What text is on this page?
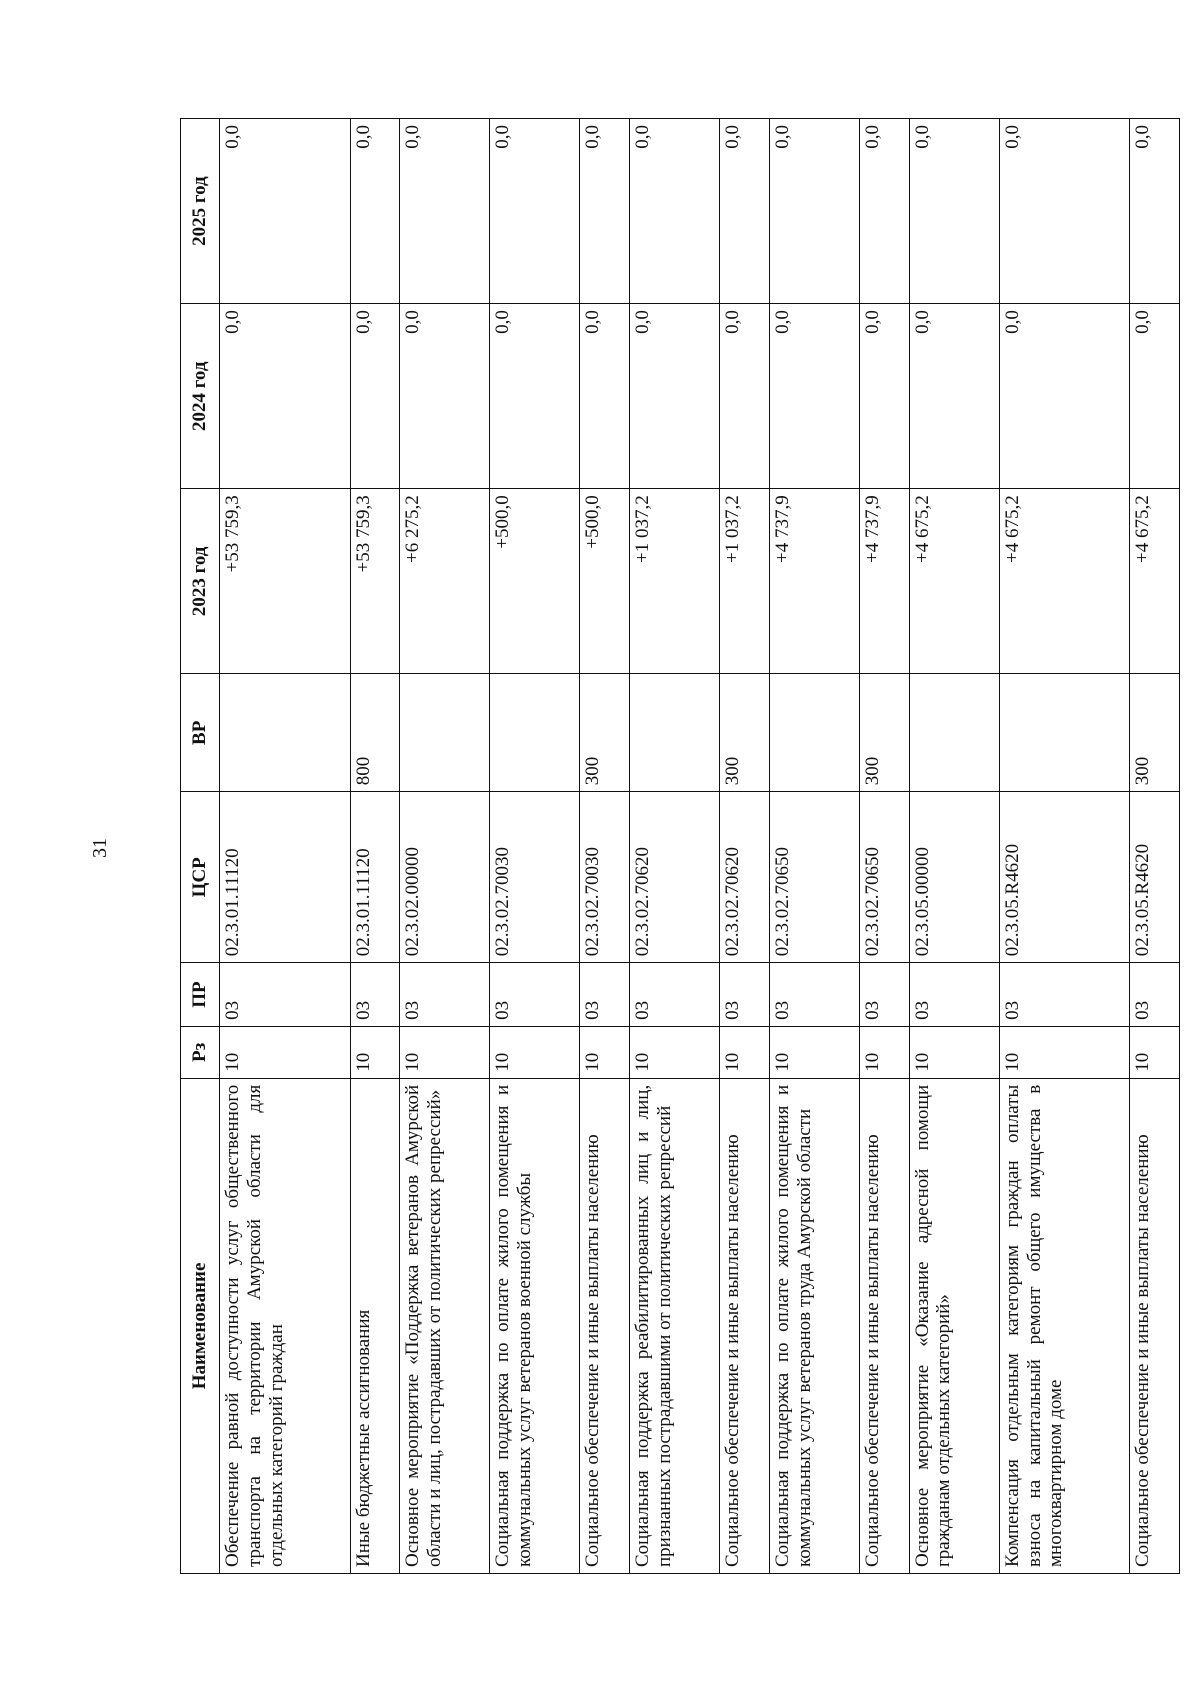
31
Наименование	Рз	ПР	ЦСР	ВР	2023 год	2024 год	2025 год
Обеспечение равной доступности услуг общественного транспорта на территории Амурской области для отдельных категорий граждан	10	03	02.3.01.11120		+53 759,3	0,0	0,0
Иные бюджетные ассигнования	10	03	02.3.01.11120	800	+53 759,3	0,0	0,0
Основное мероприятие «Поддержка ветеранов Амурской области и лиц, пострадавших от политических репрессий»	10	03	02.3.02.00000		+6 275,2	0,0	0,0
Социальная поддержка по оплате жилого помещения и коммунальных услуг ветеранов военной службы	10	03	02.3.02.70030		+500,0	0,0	0,0
Социальное обеспечение и иные выплаты населению	10	03	02.3.02.70030	300	+500,0	0,0	0,0
Социальная поддержка реабилитированных лиц и лиц, признанных пострадавшими от политических репрессий	10	03	02.3.02.70620		+1 037,2	0,0	0,0
Социальное обеспечение и иные выплаты населению	10	03	02.3.02.70620	300	+1 037,2	0,0	0,0
Социальная поддержка по оплате жилого помещения и коммунальных услуг ветеранов труда Амурской области	10	03	02.3.02.70650		+4 737,9	0,0	0,0
Социальное обеспечение и иные выплаты населению	10	03	02.3.02.70650	300	+4 737,9	0,0	0,0
Основное мероприятие «Оказание адресной помощи гражданам отдельных категорий»	10	03	02.3.05.00000		+4 675,2	0,0	0,0
Компенсация отдельным категориям граждан оплаты взноса на капитальный ремонт общего имущества в многоквартирном доме	10	03	02.3.05.R4620		+4 675,2	0,0	0,0
Социальное обеспечение и иные выплаты населению	10	03	02.3.05.R4620	300	+4 675,2	0,0	0,0
